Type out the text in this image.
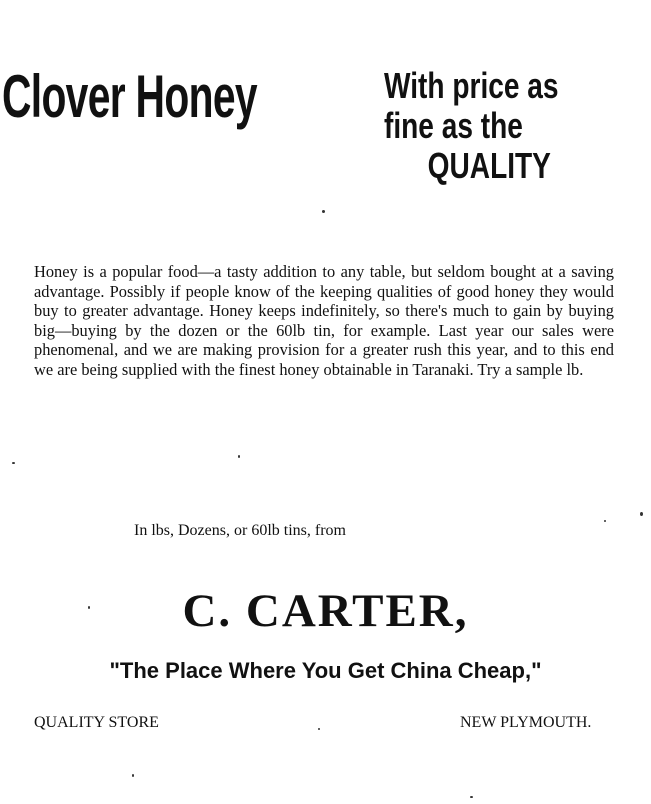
Clover Honey	With price as
fine as the
QUALITY
Honey is a popular food—a tasty addition to any table, but seldom bought at a saving advantage. Possibly if people know of the keeping qualities of good honey they would buy to greater advantage. Honey keeps indefinitely, so there's much to gain by buying big—buying by the dozen or the 60lb tin, for example. Last year our sales were phenomenal, and we are making provision for a greater rush this year, and to this end we are being supplied with the finest honey obtainable in Taranaki. Try a sample lb.
In lbs, Dozens, or 60lb tins, from
C. CARTER,
"The Place Where You Get China Cheap,"
QUALITY STORE	NEW PLYMOUTH.
